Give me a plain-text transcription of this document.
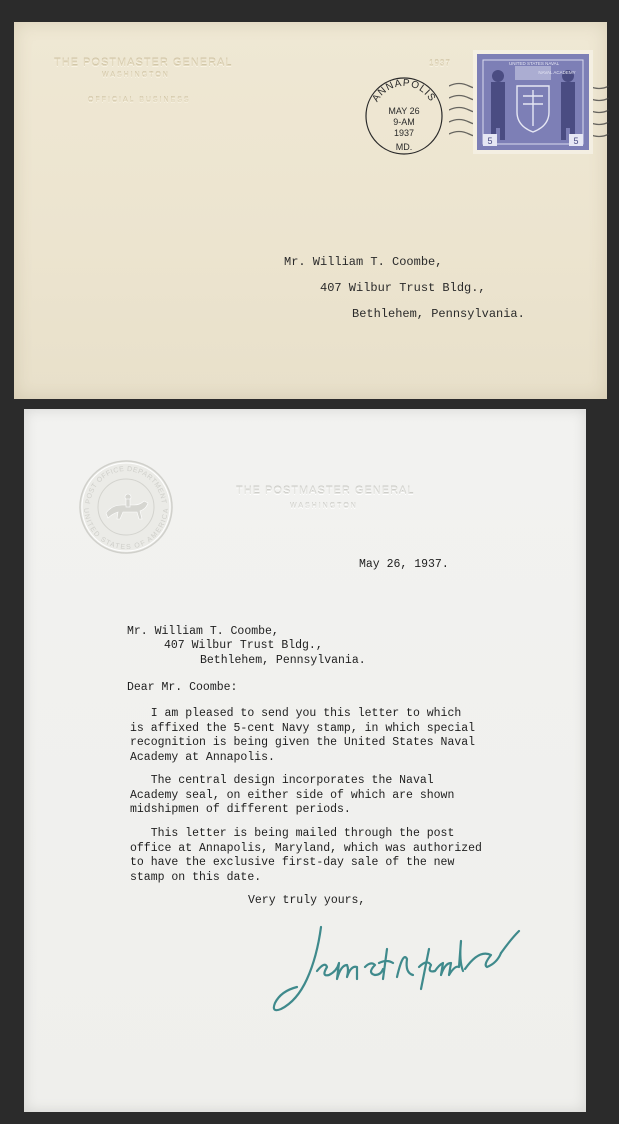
THE POSTMASTER GENERAL
WASHINGTON
OFFICIAL BUSINESS
1937
5	5
UNITED STATES NAVAL
NAVAL ACADEMY
ANNAPOLIS
MAY 26
9-AM
1937
MD.
Mr. William T. Coombe,
407 Wilbur Trust Bldg.,
Bethlehem, Pennsylvania.
POST OFFICE DEPARTMENT
UNITED STATES OF AMERICA
THE POSTMASTER GENERAL
WASHINGTON
May 26, 1937.
Mr. William T. Coombe,
407 Wilbur Trust Bldg.,
Bethlehem, Pennsylvania.
Dear Mr. Coombe:
I am pleased to send you this letter to which
is affixed the 5-cent Navy stamp, in which special
recognition is being given the United States Naval
Academy at Annapolis.
The central design incorporates the Naval
Academy seal, on either side of which are shown
midshipmen of different periods.
This letter is being mailed through the post
office at Annapolis, Maryland, which was authorized
to have the exclusive first-day sale of the new
stamp on this date.
Very truly yours,
